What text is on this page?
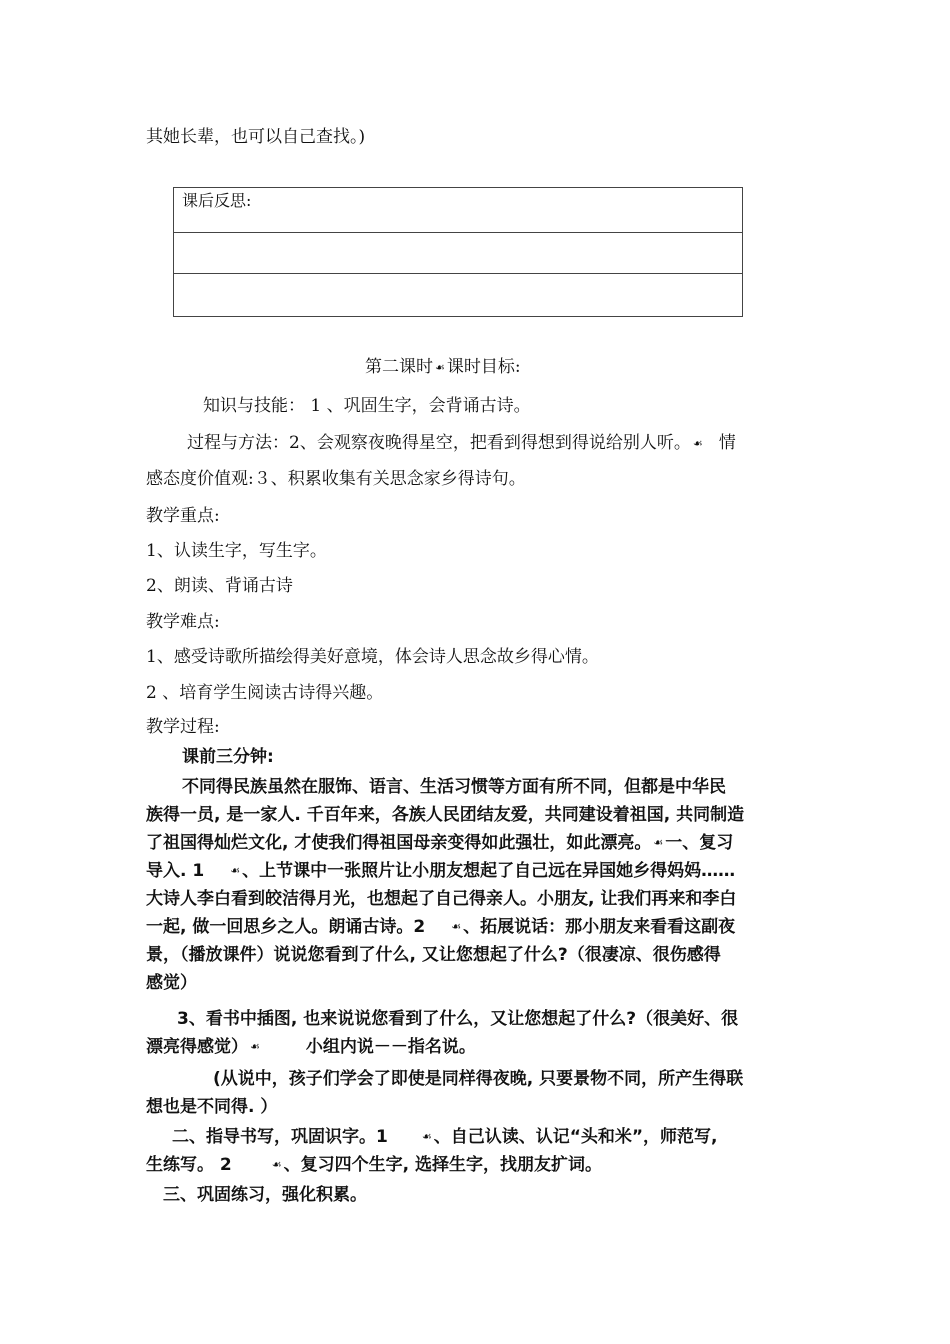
其她长辈，也可以自己查找。)
课后反思:

第二课时 ☙ 课时目标:
知识与技能： 1 、巩固生字，会背诵古诗。
过程与方法：2、会观察夜晚得星空，把看到得想到得说给别人听。 ☙ 情
感态度价值观:３、积累收集有关思念家乡得诗句。
教学重点:
1、认读生字，写生字。
2、朗读、背诵古诗
教学难点:
1、感受诗歌所描绘得美好意境，体会诗人思念故乡得心情。
2 、培育学生阅读古诗得兴趣。
教学过程:
课前三分钟:
不同得民族虽然在服饰、语言、生活习惯等方面有所不同，但都是中华民
族得一员, 是一家人. 千百年来，各族人民团结友爱，共同建设着祖国, 共同制造
了祖国得灿烂文化, 才使我们得祖国母亲变得如此强壮，如此漂亮。 ☙ 一、复习
导入. 1 ☙ 、上节课中一张照片让小朋友想起了自己远在异国她乡得妈妈……
大诗人李白看到皎洁得月光，也想起了自己得亲人。小朋友, 让我们再来和李白
一起, 做一回思乡之人。朗诵古诗。2 ☙ 、拓展说话：那小朋友来看看这副夜
景，（播放课件）说说您看到了什么, 又让您想起了什么?（很凄凉、很伤感得
感觉）
3、看书中插图, 也来说说您看到了什么，又让您想起了什么?（很美好、很
漂亮得感觉） ☙	小组内说－－指名说。
(从说中，孩子们学会了即使是同样得夜晚, 只要景物不同，所产生得联
想也是不同得. ）
二、指导书写，巩固识字。1	☙ 、自己认读、认记“头和米”，师范写,
生练写。 2	☙ 、复习四个生字, 选择生字，找朋友扩词。
三、巩固练习，强化积累。
